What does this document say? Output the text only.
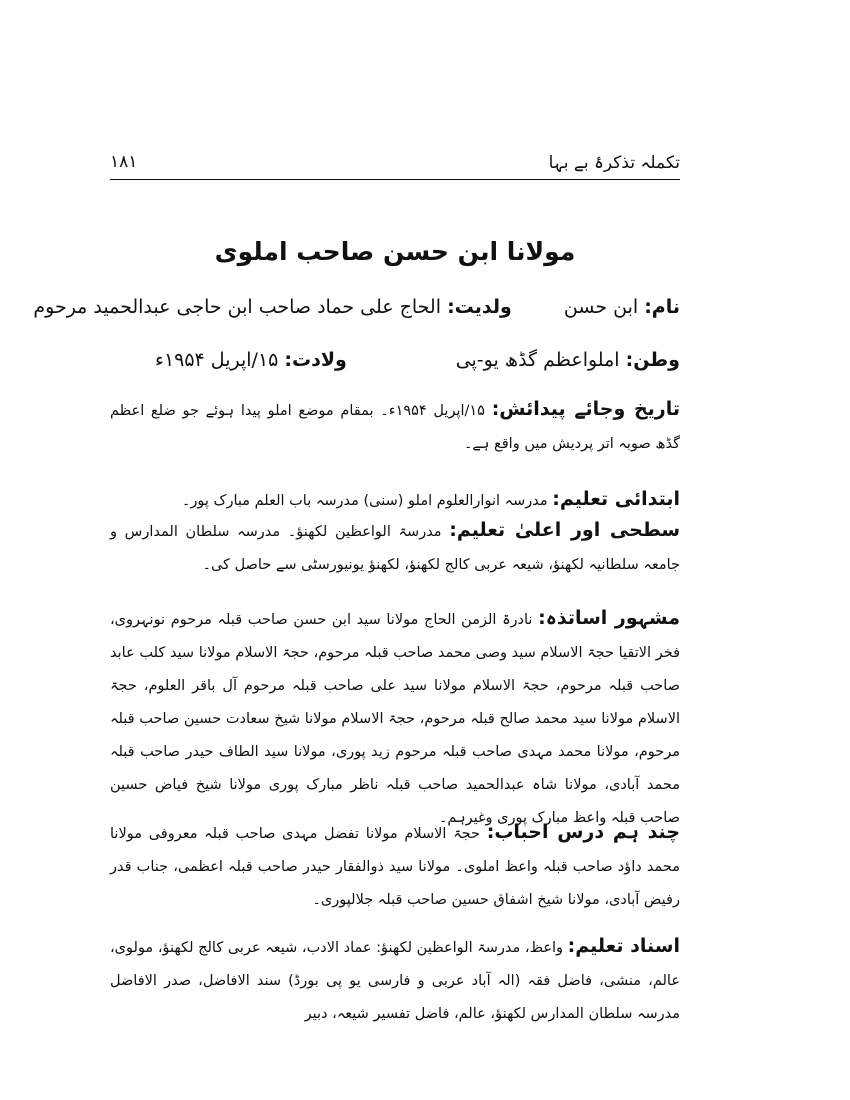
۱۸۱	تکملہ تذکرۂ بے بہا
مولانا ابن حسن صاحب املوی
نام: ابن حسن  ولدیت: الحاج علی حماد صاحب ابن حاجی عبدالحمید مرحوم
وطن: املواعظم گڈھ یو-پی
ولادت: ۱۵/اپریل ۱۹۵۴ء

تاریخ وجائے پیدائش: ۱۵/اپریل ۱۹۵۴ء۔ بمقام موضع املو پیدا ہوئے جو ضلع اعظم گڈھ صوبہ اتر پردیش میں واقع ہے۔

ابتدائی تعلیم: مدرسہ انوارالعلوم املو (سنی) مدرسہ باب العلم مبارک پور۔

سطحی اور اعلیٰ تعلیم: مدرسۃ الواعظین لکھنؤ۔ مدرسہ سلطان المدارس و جامعہ سلطانیہ لکھنؤ، شیعہ عربی کالج لکھنؤ، لکھنؤ یونیورسٹی سے حاصل کی۔

مشہور اساتذہ: نادرۃ الزمن الحاج مولانا سید ابن حسن صاحب قبلہ مرحوم نونہروی، فخر الاتقیا حجۃ الاسلام سید وصی محمد صاحب قبلہ مرحوم، حجۃ الاسلام مولانا سید کلب عابد صاحب قبلہ مرحوم، حجۃ الاسلام مولانا سید علی صاحب قبلہ مرحوم آل باقر العلوم، حجۃ الاسلام مولانا سید محمد صالح قبلہ مرحوم، حجۃ الاسلام مولانا شیخ سعادت حسین صاحب قبلہ مرحوم، مولانا محمد مہدی صاحب قبلہ مرحوم زید پوری، مولانا سید الطاف حیدر صاحب قبلہ محمد آبادی، مولانا شاہ عبدالحمید صاحب قبلہ ناظر مبارک پوری مولانا شیخ فیاض حسین صاحب قبلہ واعظ مبارک پوری وغیرہم۔

چند ہم درس احباب: حجۃ الاسلام مولانا تفضل مہدی صاحب قبلہ معروفی مولانا محمد داؤد صاحب قبلہ واعظ املوی۔ مولانا سید ذوالفقار حیدر صاحب قبلہ اعظمی، جناب قدر رفیض آبادی، مولانا شیخ اشفاق حسین صاحب قبلہ جلالپوری۔

اسناد تعلیم: واعظ، مدرسۃ الواعظین لکھنؤ: عماد الادب، شیعہ عربی کالج لکھنؤ، مولوی، عالم، منشی، فاضل فقہ (الہ آباد عربی و فارسی یو پی بورڈ) سند الافاضل، صدر الافاضل مدرسہ سلطان المدارس لکھنؤ، عالم، فاضل تفسیر شیعہ، دبیر
